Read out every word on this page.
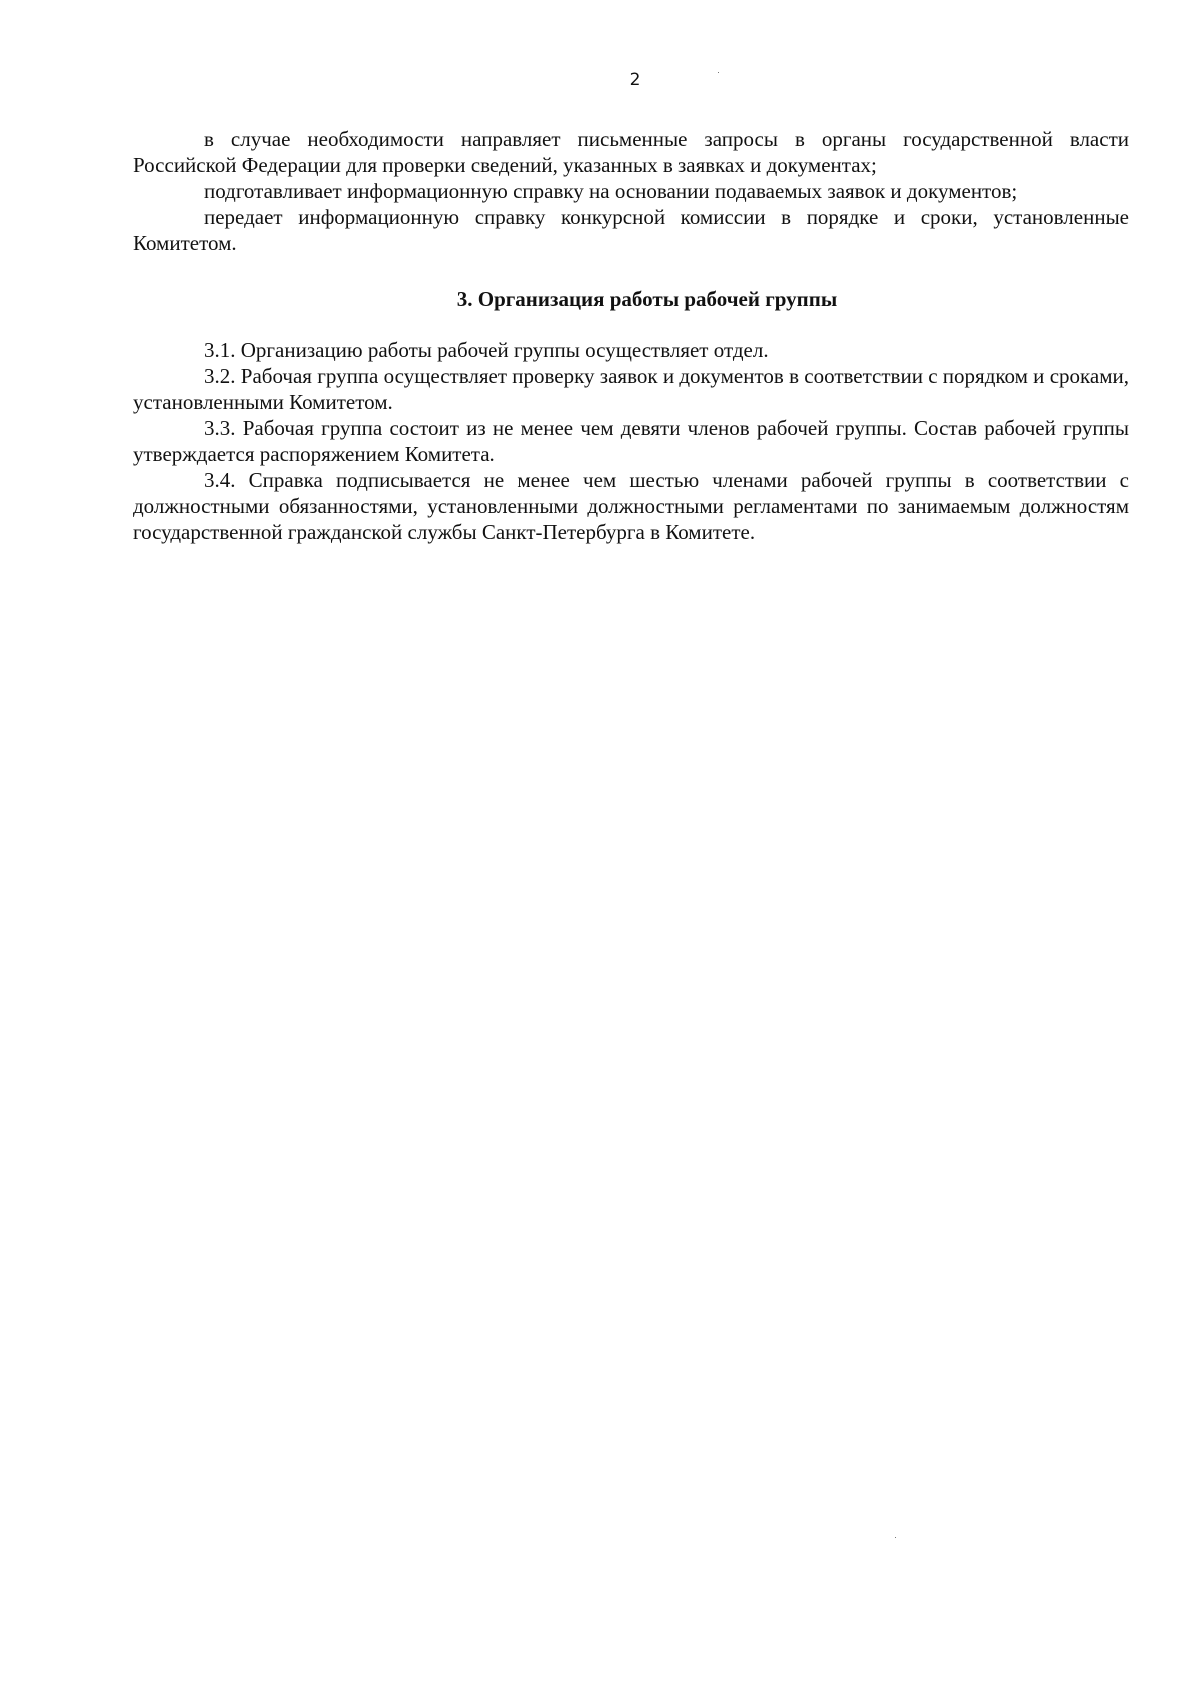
2

в случае необходимости направляет письменные запросы в органы государственной власти Российской Федерации для проверки сведений, указанных в заявках и документах;

подготавливает информационную справку на основании подаваемых заявок и документов;

передает информационную справку конкурсной комиссии в порядке и сроки, установленные Комитетом.

3. Организация работы рабочей группы

3.1. Организацию работы рабочей группы осуществляет отдел.

3.2. Рабочая группа осуществляет проверку заявок и документов в соответствии с порядком и сроками, установленными Комитетом.

3.3. Рабочая группа состоит из не менее чем девяти членов рабочей группы. Состав рабочей группы утверждается распоряжением Комитета.

3.4. Справка подписывается не менее чем шестью членами рабочей группы в соответствии с должностными обязанностями, установленными должностными регламентами по занимаемым должностям государственной гражданской службы Санкт-Петербурга в Комитете.
